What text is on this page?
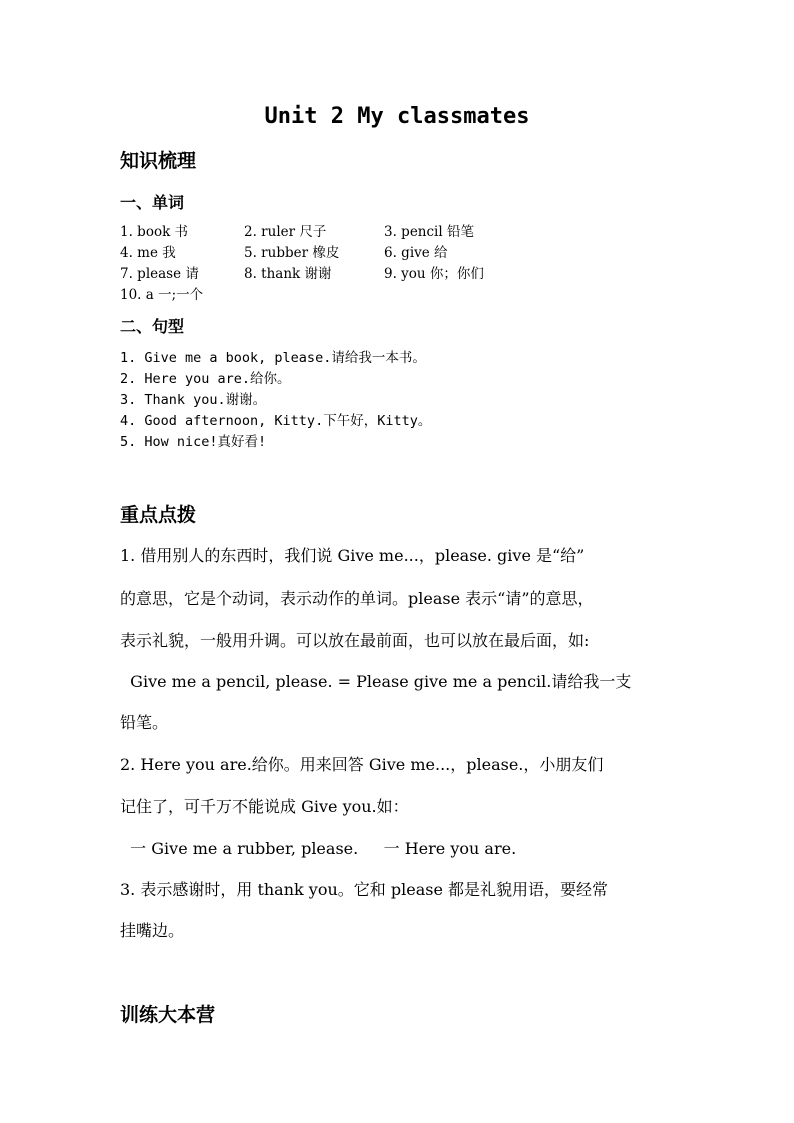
Unit 2 My classmates
知识梳理
一、单词
1. book 书	2. ruler 尺子	3. pencil 铅笔
4. me 我	5. rubber 橡皮	6. give 给
7. please 请	8. thank 谢谢	9. you 你；你们
10. a 一;一个
二、句型
1. Give me a book, please.请给我一本书。
2. Here you are.给你。
3. Thank you.谢谢。
4. Good afternoon, Kitty.下午好，Kitty。
5. How nice!真好看!
重点点拨
1. 借用别人的东西时，我们说 Give me...，please. give 是“给”
的意思，它是个动词，表示动作的单词。please 表示“请”的意思，
表示礼貌，一般用升调。可以放在最前面，也可以放在最后面，如:
Give me a pencil, please. = Please give me a pencil.请给我一支
铅笔。
2. Here you are.给你。用来回答 Give me...，please.，小朋友们
记住了，可千万不能说成 Give you.如：
一 Give me a rubber, please.     一 Here you are.
3. 表示感谢时，用 thank you。它和 please 都是礼貌用语，要经常
挂嘴边。
训练大本营
